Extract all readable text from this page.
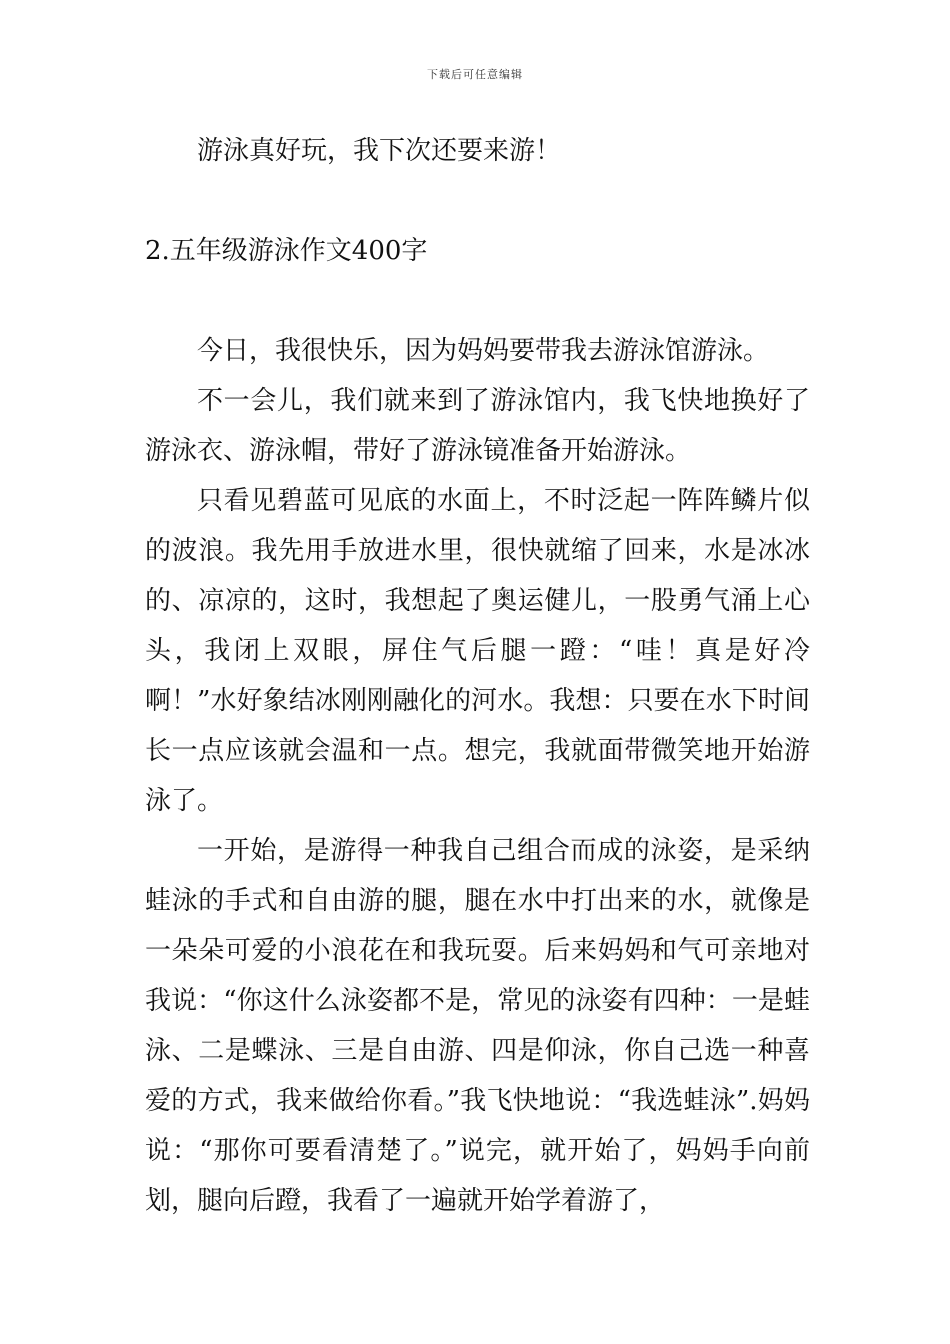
下载后可任意编辑

游泳真好玩，我下次还要来游！

2.五年级游泳作文400字

今日，我很快乐，因为妈妈要带我去游泳馆游泳。

不一会儿，我们就来到了游泳馆内，我飞快地换好了游泳衣、游泳帽，带好了游泳镜准备开始游泳。

只看见碧蓝可见底的水面上，不时泛起一阵阵鳞片似的波浪。我先用手放进水里，很快就缩了回来，水是冰冰的、凉凉的，这时，我想起了奥运健儿，一股勇气涌上心头，我闭上双眼，屏住气后腿一蹬：“哇！真是好冷啊！”水好象结冰刚刚融化的河水。我想：只要在水下时间长一点应该就会温和一点。想完，我就面带微笑地开始游泳了。

一开始，是游得一种我自己组合而成的泳姿，是采纳蛙泳的手式和自由游的腿，腿在水中打出来的水，就像是一朵朵可爱的小浪花在和我玩耍。后来妈妈和气可亲地对我说：“你这什么泳姿都不是，常见的泳姿有四种：一是蛙泳、二是蝶泳、三是自由游、四是仰泳，你自己选一种喜爱的方式，我来做给你看。”我飞快地说：“我选蛙泳”.妈妈说：“那你可要看清楚了。”说完，就开始了，妈妈手向前划，腿向后蹬，我看了一遍就开始学着游了，
